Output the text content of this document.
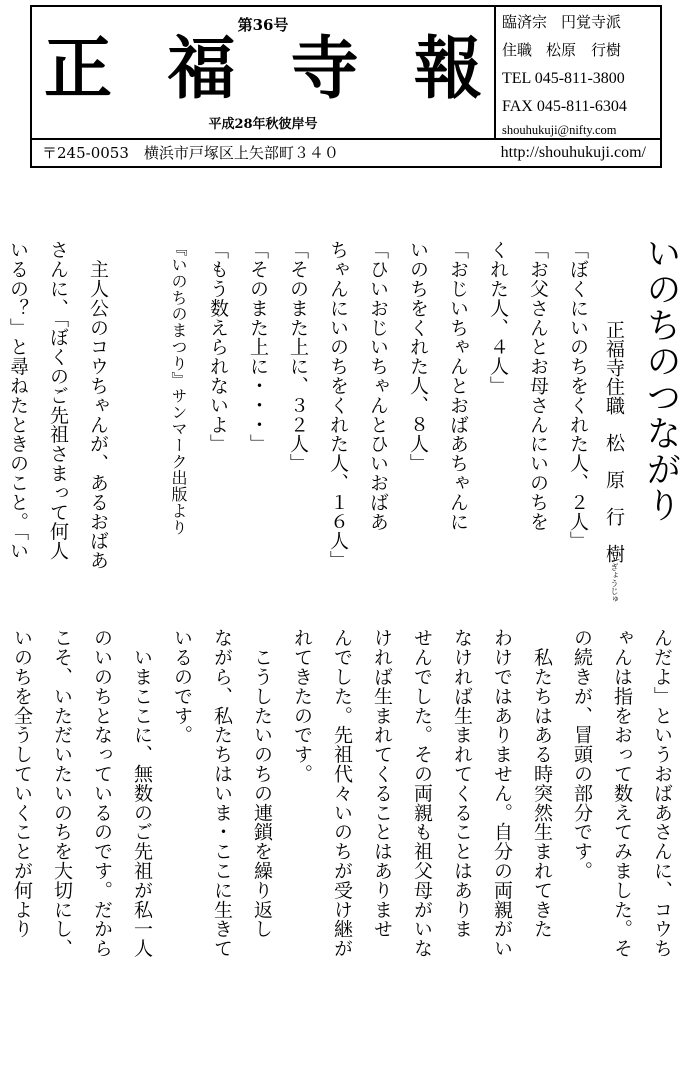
第36号
正 福 寺 報
平成28年秋彼岸号
臨済宗 円覚寺派
住職 松原　行樹
TEL 045-811-3800
FAX 045-811-6304
shouhukuji@nifty.com
〒245-0053　横浜市戸塚区上矢部町３４０	http://shouhukuji.com/
いのちのつながり
正福寺住職松原行樹ぎょうじゅ

「ぼくにいのちをくれた人、２人」

「お父さんとお母さんにいのちを

くれた人、４人」

「おじいちゃんとおばあちゃんに

いのちをくれた人、８人」

「ひいおじいちゃんとひいおばあ

ちゃんにいのちをくれた人、１６人」

「そのまた上に、３２人」

「そのまた上に・・・」

「もう数えられないよ」

『いのちのまつり』サンマーク出版より

　主人公のコウちゃんが、あるおばあ

さんに、「ぼくのご先祖さまって何人

いるの？」と尋ねたときのこと。「い

んだよ」というおばあさんに、コウち

ゃんは指をおって数えてみました。そ

の続きが、冒頭の部分です。

　私たちはある時突然生まれてきた

わけではありません。自分の両親がい

なければ生まれてくることはありま

せんでした。その両親も祖父母がいな

ければ生まれてくることはありませ

んでした。先祖代々いのちが受け継が

れてきたのです。

　こうしたいのちの連鎖を繰り返し

ながら、私たちはいま・ここに生きて

いるのです。

　いまここに、無数のご先祖が私一人

のいのちとなっているのです。だから

こそ、いただいたいのちを大切にし、

いのちを全うしていくことが何より
